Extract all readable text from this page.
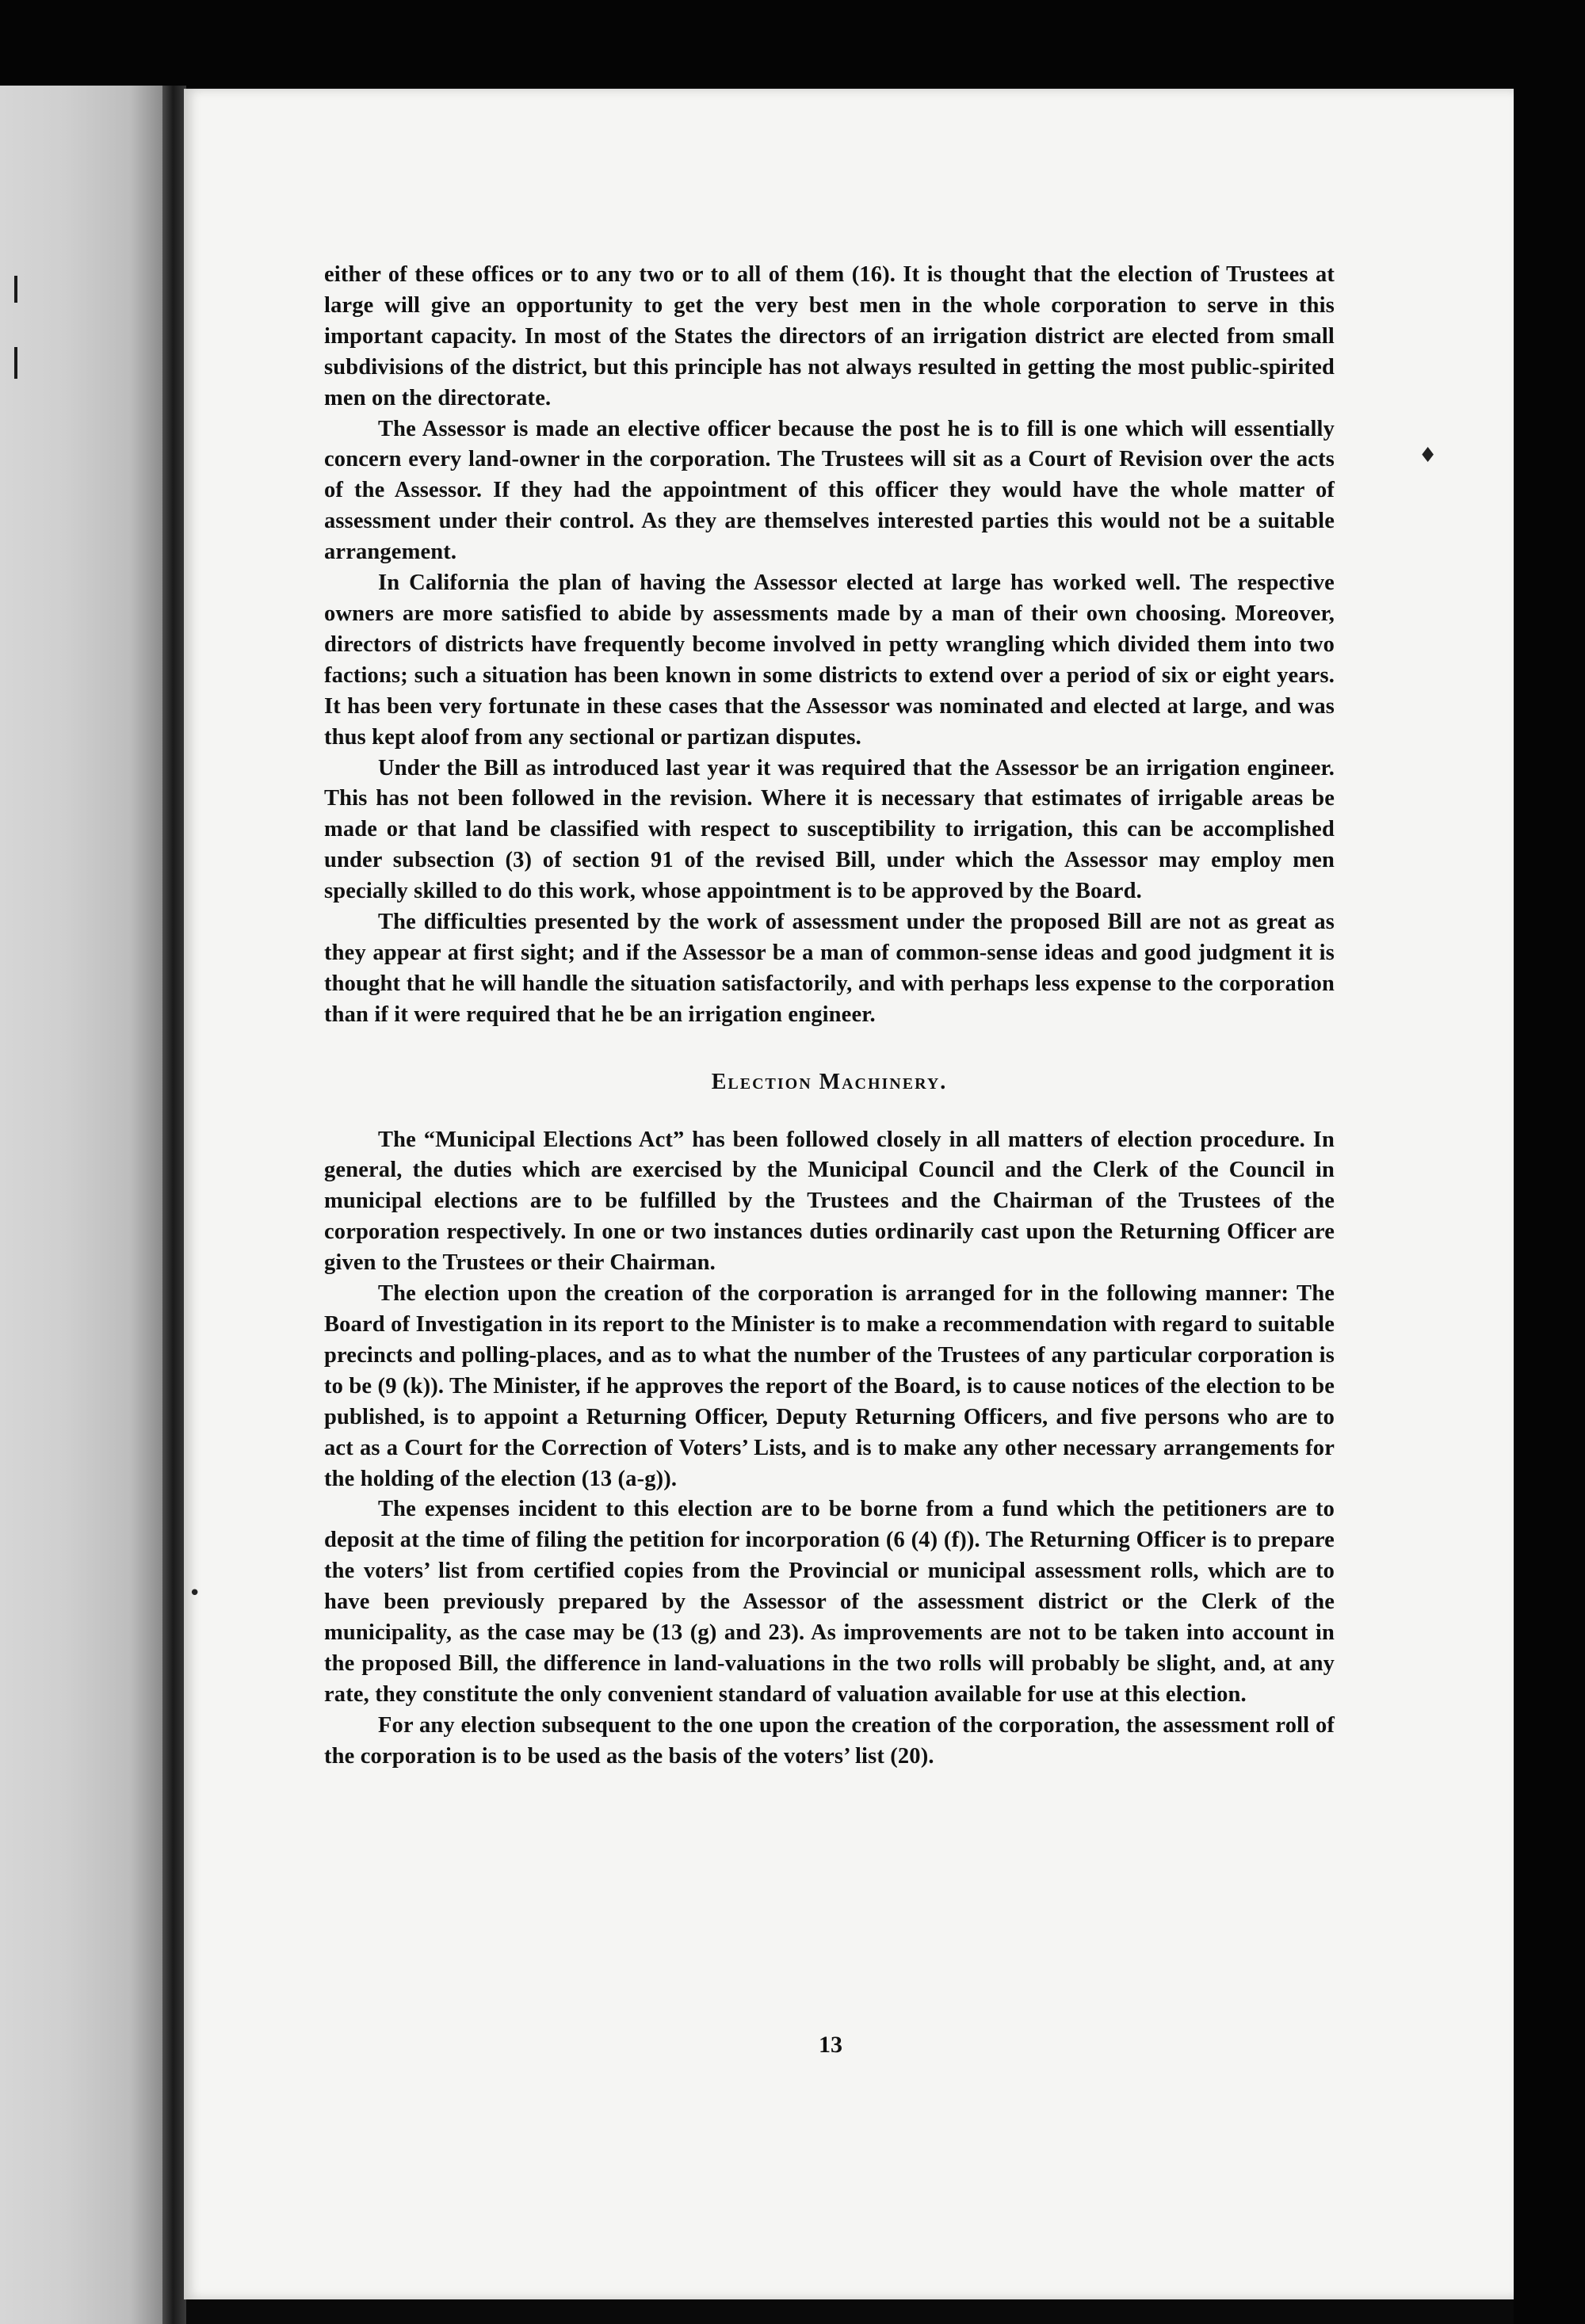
♦
•

either of these offices or to any two or to all of them (16). It is thought that the election of Trustees at large will give an opportunity to get the very best men in the whole corporation to serve in this important capacity. In most of the States the directors of an irrigation district are elected from small subdivisions of the district, but this principle has not always resulted in getting the most public-spirited men on the directorate.

The Assessor is made an elective officer because the post he is to fill is one which will essentially concern every land-owner in the corporation. The Trustees will sit as a Court of Revision over the acts of the Assessor. If they had the appointment of this officer they would have the whole matter of assessment under their control. As they are themselves interested parties this would not be a suitable arrangement.

In California the plan of having the Assessor elected at large has worked well. The respective owners are more satisfied to abide by assessments made by a man of their own choosing. Moreover, directors of districts have frequently become involved in petty wrangling which divided them into two factions; such a situation has been known in some districts to extend over a period of six or eight years. It has been very fortunate in these cases that the Assessor was nominated and elected at large, and was thus kept aloof from any sectional or partizan disputes.

Under the Bill as introduced last year it was required that the Assessor be an irrigation engineer. This has not been followed in the revision. Where it is necessary that estimates of irrigable areas be made or that land be classified with respect to susceptibility to irrigation, this can be accomplished under subsection (3) of section 91 of the revised Bill, under which the Assessor may employ men specially skilled to do this work, whose appointment is to be approved by the Board.

The difficulties presented by the work of assessment under the proposed Bill are not as great as they appear at first sight; and if the Assessor be a man of common-sense ideas and good judgment it is thought that he will handle the situation satisfactorily, and with perhaps less expense to the corporation than if it were required that he be an irrigation engineer.

Election Machinery.

The “Municipal Elections Act” has been followed closely in all matters of election procedure. In general, the duties which are exercised by the Municipal Council and the Clerk of the Council in municipal elections are to be fulfilled by the Trustees and the Chairman of the Trustees of the corporation respectively. In one or two instances duties ordinarily cast upon the Returning Officer are given to the Trustees or their Chairman.

The election upon the creation of the corporation is arranged for in the following manner: The Board of Investigation in its report to the Minister is to make a recommendation with regard to suitable precincts and polling-places, and as to what the number of the Trustees of any particular corporation is to be (9 (k)). The Minister, if he approves the report of the Board, is to cause notices of the election to be published, is to appoint a Returning Officer, Deputy Returning Officers, and five persons who are to act as a Court for the Correction of Voters’ Lists, and is to make any other necessary arrangements for the holding of the election (13 (a-g)).

The expenses incident to this election are to be borne from a fund which the petitioners are to deposit at the time of filing the petition for incorporation (6 (4) (f)). The Returning Officer is to prepare the voters’ list from certified copies from the Provincial or municipal assessment rolls, which are to have been previously prepared by the Assessor of the assessment district or the Clerk of the municipality, as the case may be (13 (g) and 23). As improvements are not to be taken into account in the proposed Bill, the difference in land-valuations in the two rolls will probably be slight, and, at any rate, they constitute the only convenient standard of valuation available for use at this election.

For any election subsequent to the one upon the creation of the corporation, the assessment roll of the corporation is to be used as the basis of the voters’ list (20).

13
